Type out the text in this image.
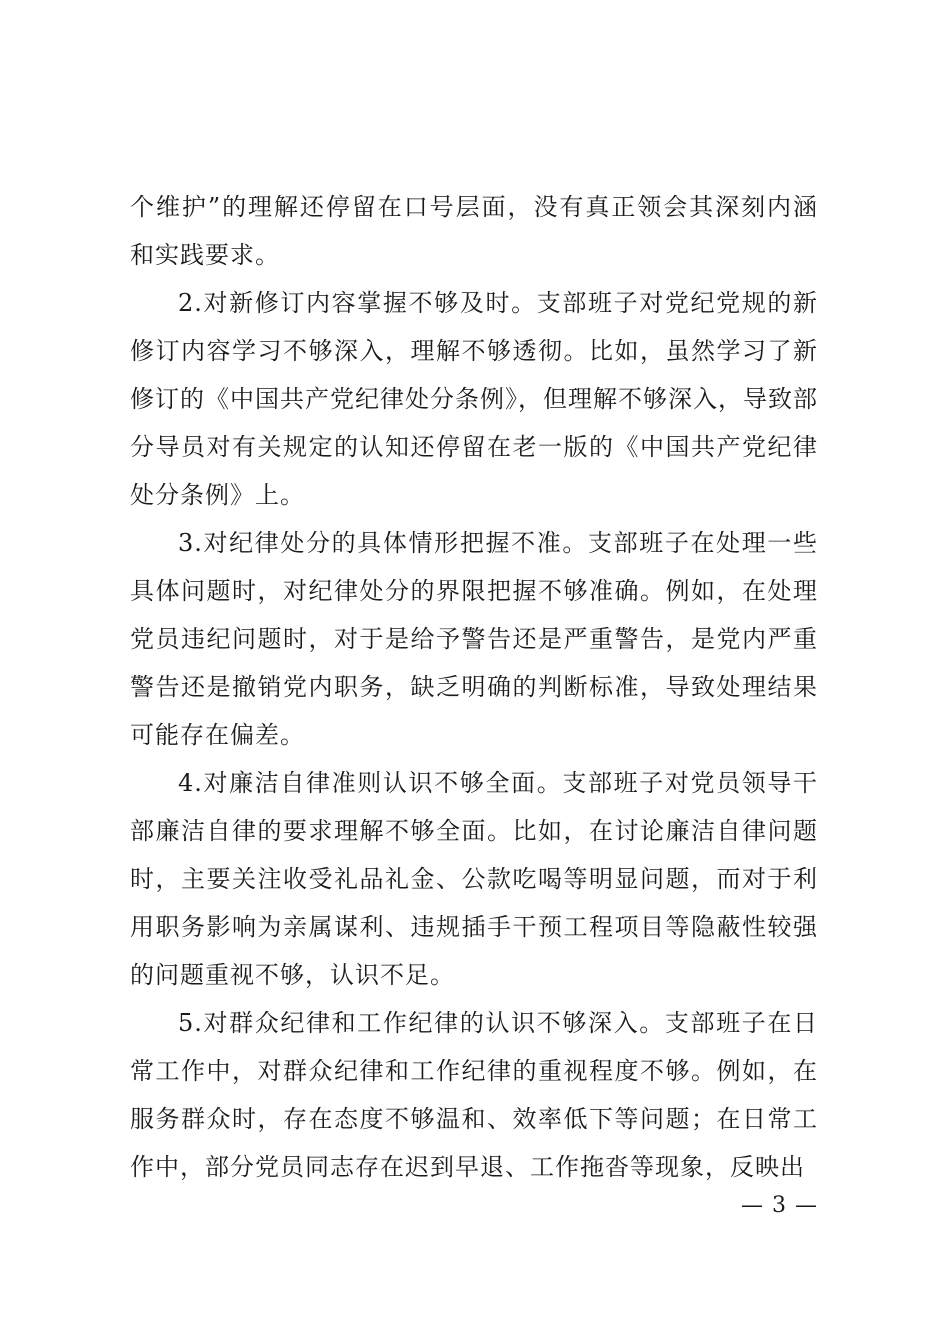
个维护”的理解还停留在口号层面，没有真正领会其深刻内涵和实践要求。

2.对新修订内容掌握不够及时。支部班子对党纪党规的新修订内容学习不够深入，理解不够透彻。比如，虽然学习了新修订的《中国共产党纪律处分条例》，但理解不够深入，导致部分导员对有关规定的认知还停留在老一版的《中国共产党纪律处分条例》上。

3.对纪律处分的具体情形把握不准。支部班子在处理一些具体问题时，对纪律处分的界限把握不够准确。例如，在处理党员违纪问题时，对于是给予警告还是严重警告，是党内严重警告还是撤销党内职务，缺乏明确的判断标准，导致处理结果可能存在偏差。

4.对廉洁自律准则认识不够全面。支部班子对党员领导干部廉洁自律的要求理解不够全面。比如，在讨论廉洁自律问题时，主要关注收受礼品礼金、公款吃喝等明显问题，而对于利用职务影响为亲属谋利、违规插手干预工程项目等隐蔽性较强的问题重视不够，认识不足。

5.对群众纪律和工作纪律的认识不够深入。支部班子在日常工作中，对群众纪律和工作纪律的重视程度不够。例如，在服务群众时，存在态度不够温和、效率低下等问题；在日常工作中，部分党员同志存在迟到早退、工作拖沓等现象，反映出

— 3 —
